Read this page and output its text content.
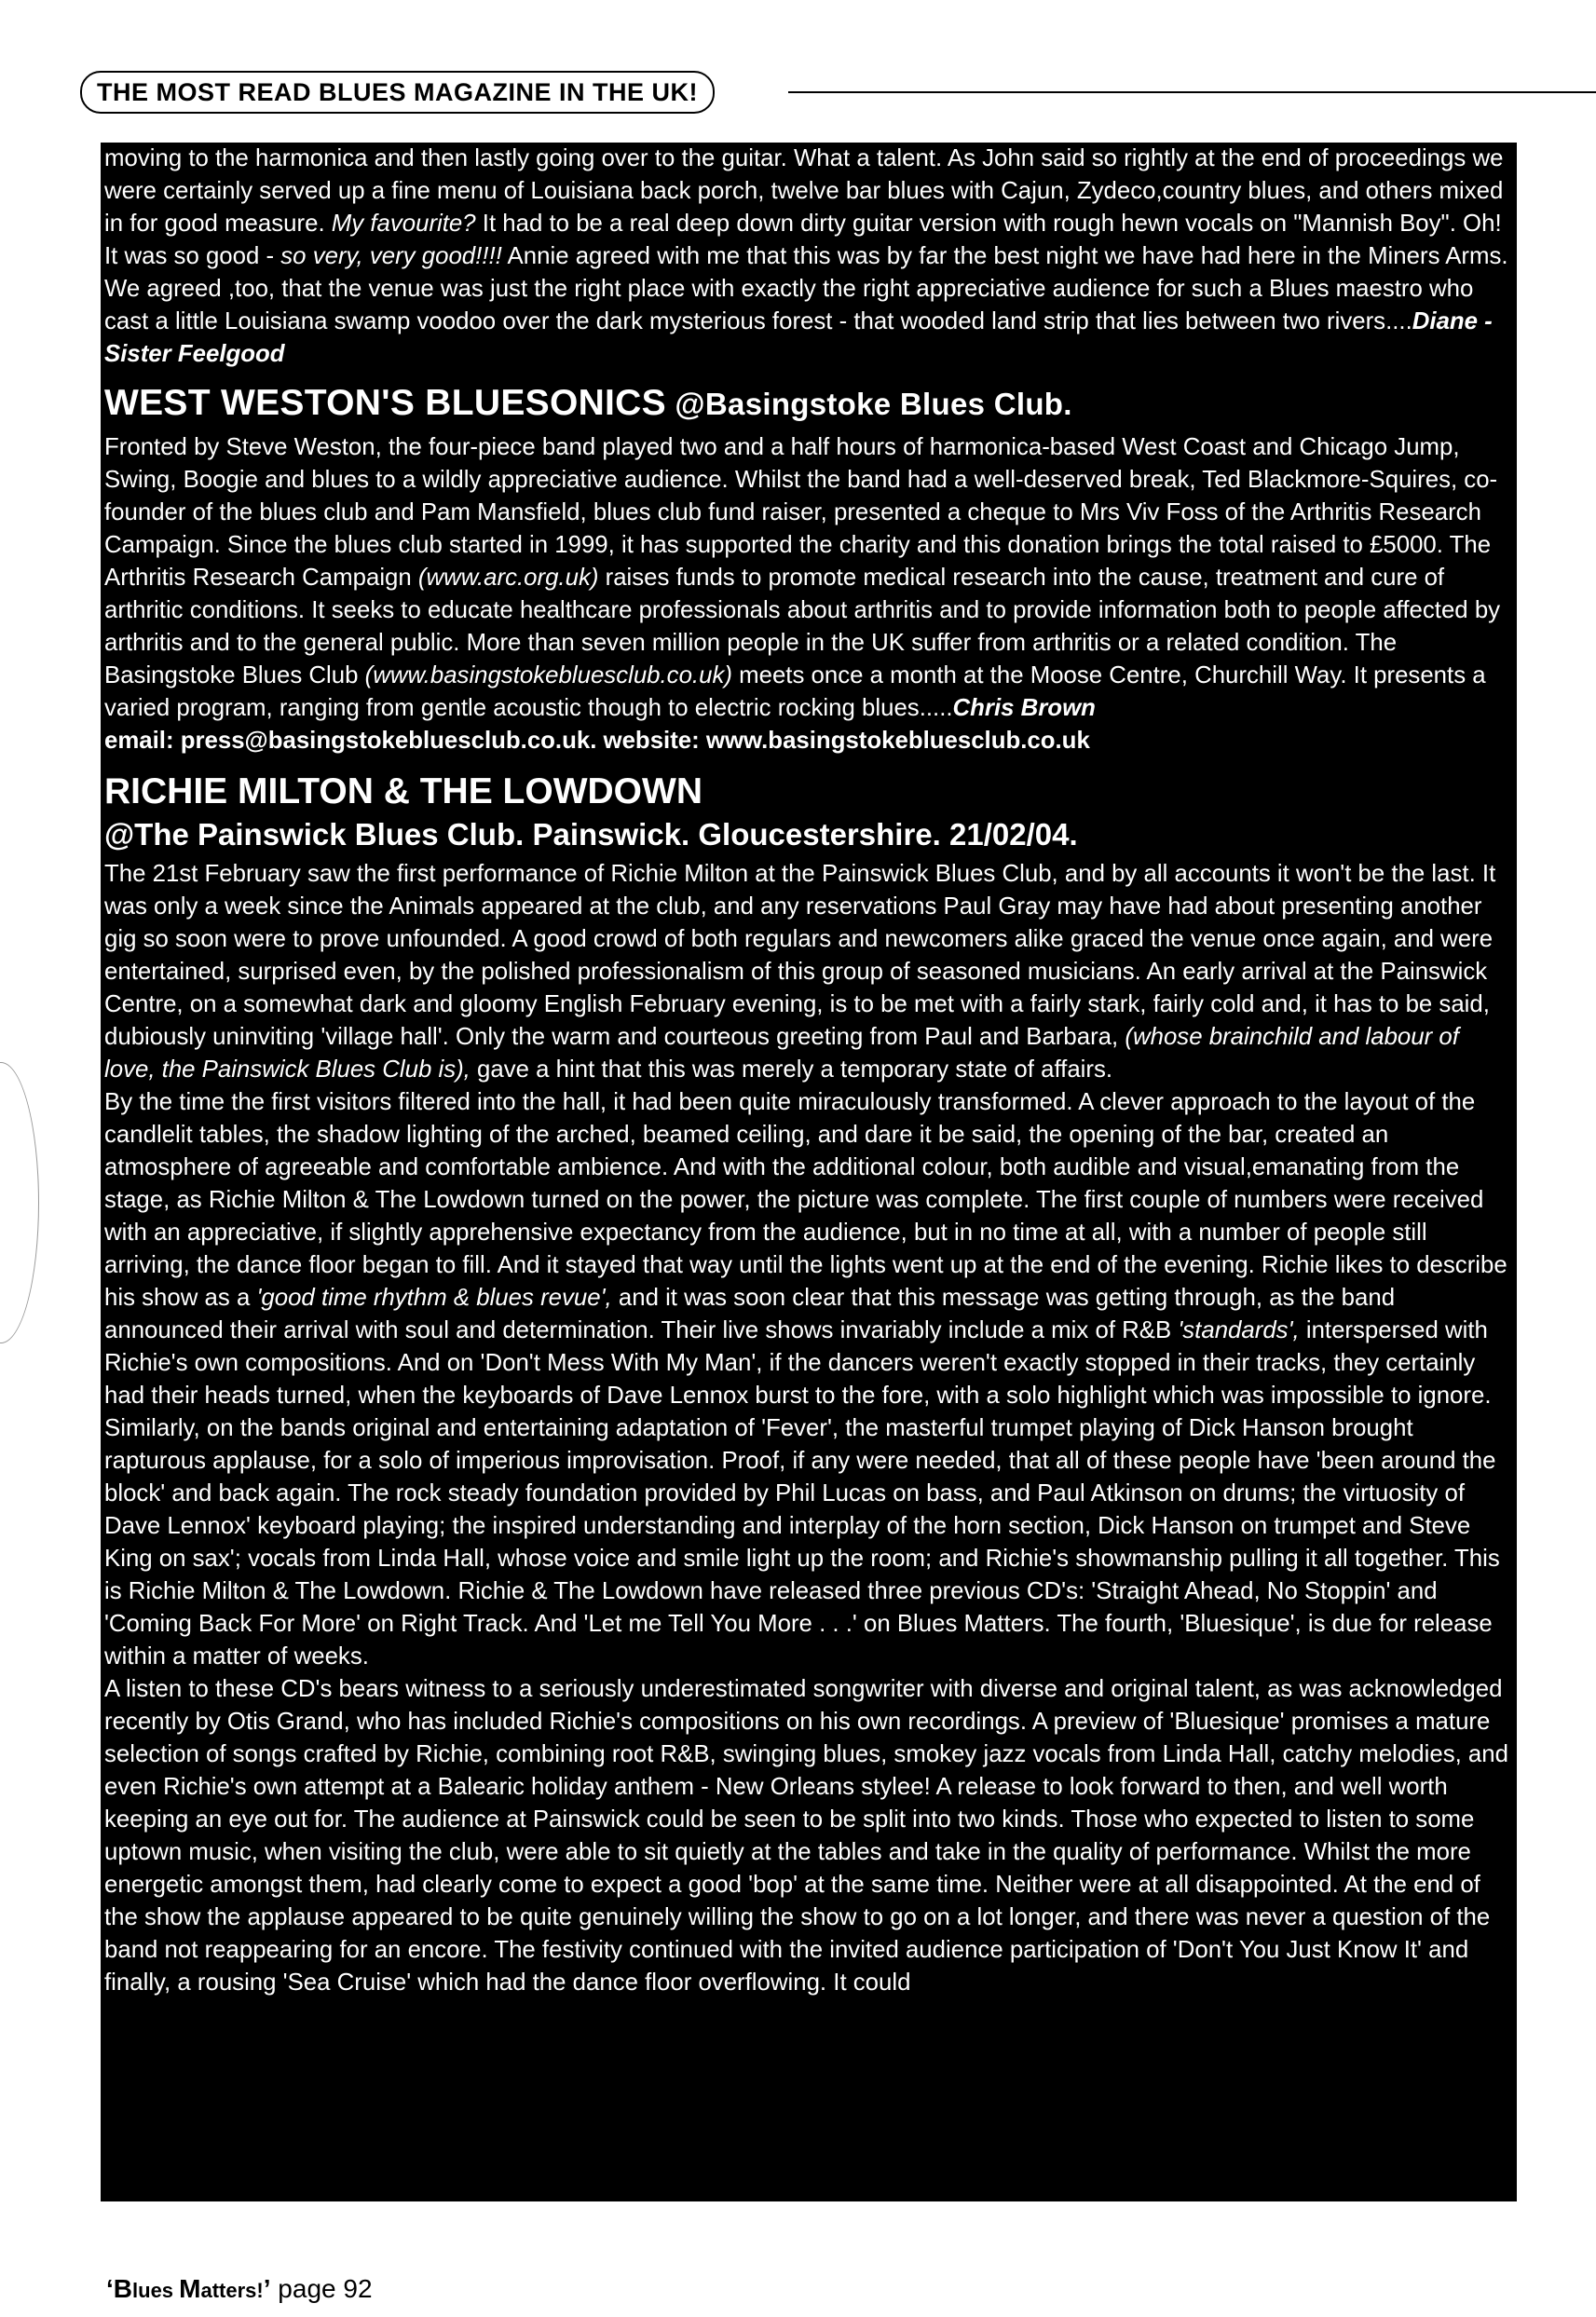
THE MOST READ BLUES MAGAZINE IN THE UK!

moving to the harmonica and then lastly going over to the guitar. What a talent. As John said so rightly at the end of proceedings we were certainly served up a fine menu of Louisiana back porch, twelve bar blues with Cajun, Zydeco,country blues, and others mixed in for good measure. My favourite? It had to be a real deep down dirty guitar version with rough hewn vocals on "Mannish Boy". Oh! It was so good - so very, very good!!!! Annie agreed with me that this was by far the best night we have had here in the Miners Arms. We agreed ,too, that the venue was just the right place with exactly the right appreciative audience for such a Blues maestro who cast a little Louisiana swamp voodoo over the dark mysterious forest - that wooded land strip that lies between two rivers....Diane - Sister Feelgood

WEST WESTON'S BLUESONICS @Basingstoke Blues Club.

Fronted by Steve Weston, the four-piece band played two and a half hours of harmonica-based West Coast and Chicago Jump, Swing, Boogie and blues to a wildly appreciative audience. Whilst the band had a well-deserved break, Ted Blackmore-Squires, co-founder of the blues club and Pam Mansfield, blues club fund raiser, presented a cheque to Mrs Viv Foss of the Arthritis Research Campaign. Since the blues club started in 1999, it has supported the charity and this donation brings the total raised to £5000. The Arthritis Research Campaign (www.arc.org.uk) raises funds to promote medical research into the cause, treatment and cure of arthritic conditions. It seeks to educate healthcare professionals about arthritis and to provide information both to people affected by arthritis and to the general public. More than seven million people in the UK suffer from arthritis or a related condition. The Basingstoke Blues Club (www.basingstokebluesclub.co.uk) meets once a month at the Moose Centre, Churchill Way. It presents a varied program, ranging from gentle acoustic though to electric rocking blues.....Chris Brown

email: press@basingstokebluesclub.co.uk. website: www.basingstokebluesclub.co.uk

RICHIE MILTON & THE LOWDOWN
@The Painswick Blues Club. Painswick. Gloucestershire. 21/02/04.

The 21st February saw the first performance of Richie Milton at the Painswick Blues Club, and by all accounts it won't be the last. It was only a week since the Animals appeared at the club, and any reservations Paul Gray may have had about presenting another gig so soon were to prove unfounded. A good crowd of both regulars and newcomers alike graced the venue once again, and were entertained, surprised even, by the polished professionalism of this group of seasoned musicians. An early arrival at the Painswick Centre, on a somewhat dark and gloomy English February evening, is to be met with a fairly stark, fairly cold and, it has to be said, dubiously uninviting 'village hall'. Only the warm and courteous greeting from Paul and Barbara, (whose brainchild and labour of love, the Painswick Blues Club is), gave a hint that this was merely a temporary state of affairs.

By the time the first visitors filtered into the hall, it had been quite miraculously transformed. A clever approach to the layout of the candlelit tables, the shadow lighting of the arched, beamed ceiling, and dare it be said, the opening of the bar, created an atmosphere of agreeable and comfortable ambience. And with the additional colour, both audible and visual,emanating from the stage, as Richie Milton & The Lowdown turned on the power, the picture was complete. The first couple of numbers were received with an appreciative, if slightly apprehensive expectancy from the audience, but in no time at all, with a number of people still arriving, the dance floor began to fill. And it stayed that way until the lights went up at the end of the evening. Richie likes to describe his show as a 'good time rhythm & blues revue', and it was soon clear that this message was getting through, as the band announced their arrival with soul and determination. Their live shows invariably include a mix of R&B 'standards', interspersed with Richie's own compositions. And on 'Don't Mess With My Man', if the dancers weren't exactly stopped in their tracks, they certainly had their heads turned, when the keyboards of Dave Lennox burst to the fore, with a solo highlight which was impossible to ignore. Similarly, on the bands original and entertaining adaptation of 'Fever', the masterful trumpet playing of Dick Hanson brought rapturous applause, for a solo of imperious improvisation. Proof, if any were needed, that all of these people have 'been around the block' and back again. The rock steady foundation provided by Phil Lucas on bass, and Paul Atkinson on drums; the virtuosity of Dave Lennox' keyboard playing; the inspired understanding and interplay of the horn section, Dick Hanson on trumpet and Steve King on sax'; vocals from Linda Hall, whose voice and smile light up the room; and Richie's showmanship pulling it all together. This is Richie Milton & The Lowdown. Richie & The Lowdown have released three previous CD's: 'Straight Ahead, No Stoppin' and 'Coming Back For More' on Right Track. And 'Let me Tell You More . . .' on Blues Matters. The fourth, 'Bluesique', is due for release within a matter of weeks.

A listen to these CD's bears witness to a seriously underestimated songwriter with diverse and original talent, as was acknowledged recently by Otis Grand, who has included Richie's compositions on his own recordings. A preview of 'Bluesique' promises a mature selection of songs crafted by Richie, combining root R&B, swinging blues, smokey jazz vocals from Linda Hall, catchy melodies, and even Richie's own attempt at a Balearic holiday anthem - New Orleans stylee! A release to look forward to then, and well worth keeping an eye out for. The audience at Painswick could be seen to be split into two kinds. Those who expected to listen to some uptown music, when visiting the club, were able to sit quietly at the tables and take in the quality of performance. Whilst the more energetic amongst them, had clearly come to expect a good 'bop' at the same time. Neither were at all disappointed. At the end of the show the applause appeared to be quite genuinely willing the show to go on a lot longer, and there was never a question of the band not reappearing for an encore. The festivity continued with the invited audience participation of 'Don't You Just Know It' and finally, a rousing 'Sea Cruise' which had the dance floor overflowing. It could

‘Blues Matters!’ page 92
